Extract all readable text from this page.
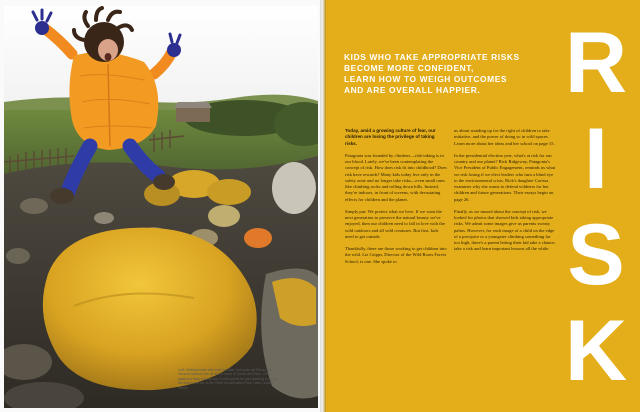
Left: Getting bolder with each boulder, four-year-old Renzo San Gerardo takes to the air at his home in Torres del Paine, Chile, against a hazy, moody sky. It's fitting that he was learning to fly on the island, not far, in the Chile Conservation Park, Utah. (Adobe Stock)
KIDS WHO TAKE APPROPRIATE RISKS
BECOME MORE CONFIDENT,
LEARN HOW TO WEIGH OUTCOMES
AND ARE OVERALL HAPPIER.

Today, amid a growing culture of fear, our children are losing the privilege of taking risks.

Patagonia was founded by climbers—risk-taking is in our blood. Lately, we've been contemplating the concept of risk. How does risk fit into childhood? Does risk have rewards? Many kids today live only in the safety zone and no longer take risks—even small ones like climbing rocks and rolling down hills. Instead, they're indoors, in front of screens, with devastating effects for children and the planet.

Simply put: We protect what we love. If we want the next generation to preserve the natural beauty we've enjoyed, then our children need to fall in love with the wild outdoors and all wild creatures. But first, kids need to get outside.

Thankfully, there are those working to get children into the wild. Liz Gripps, Director of the Wild Roots Forest School, is one. She spoke to

us about standing up for the right of children to take initiative, and the power of doing so in wild spaces. Learn more about her ideas and her school on page 15.

In the presidential election year, what's at risk for our country and our planet? Rick Ridgeway, Patagonia's Vice President of Public Engagement, reminds us what we risk losing if we elect leaders who turn a blind eye to the environmental crisis. Rick's daughter Carissa examines why she wants to defend wildness for her children and future generations. Their essays begin on page 26.

Finally, as we mused about the concept of risk, we looked for photos that showed kids taking appropriate risks. We admit some images give us parents sweaty palms. However, for each image of a child on the edge of a precipice or a youngster climbing something far too high, there's a parent letting their kid take a chance, take a risk and learn important lessons all the while.

R
I
S
K
